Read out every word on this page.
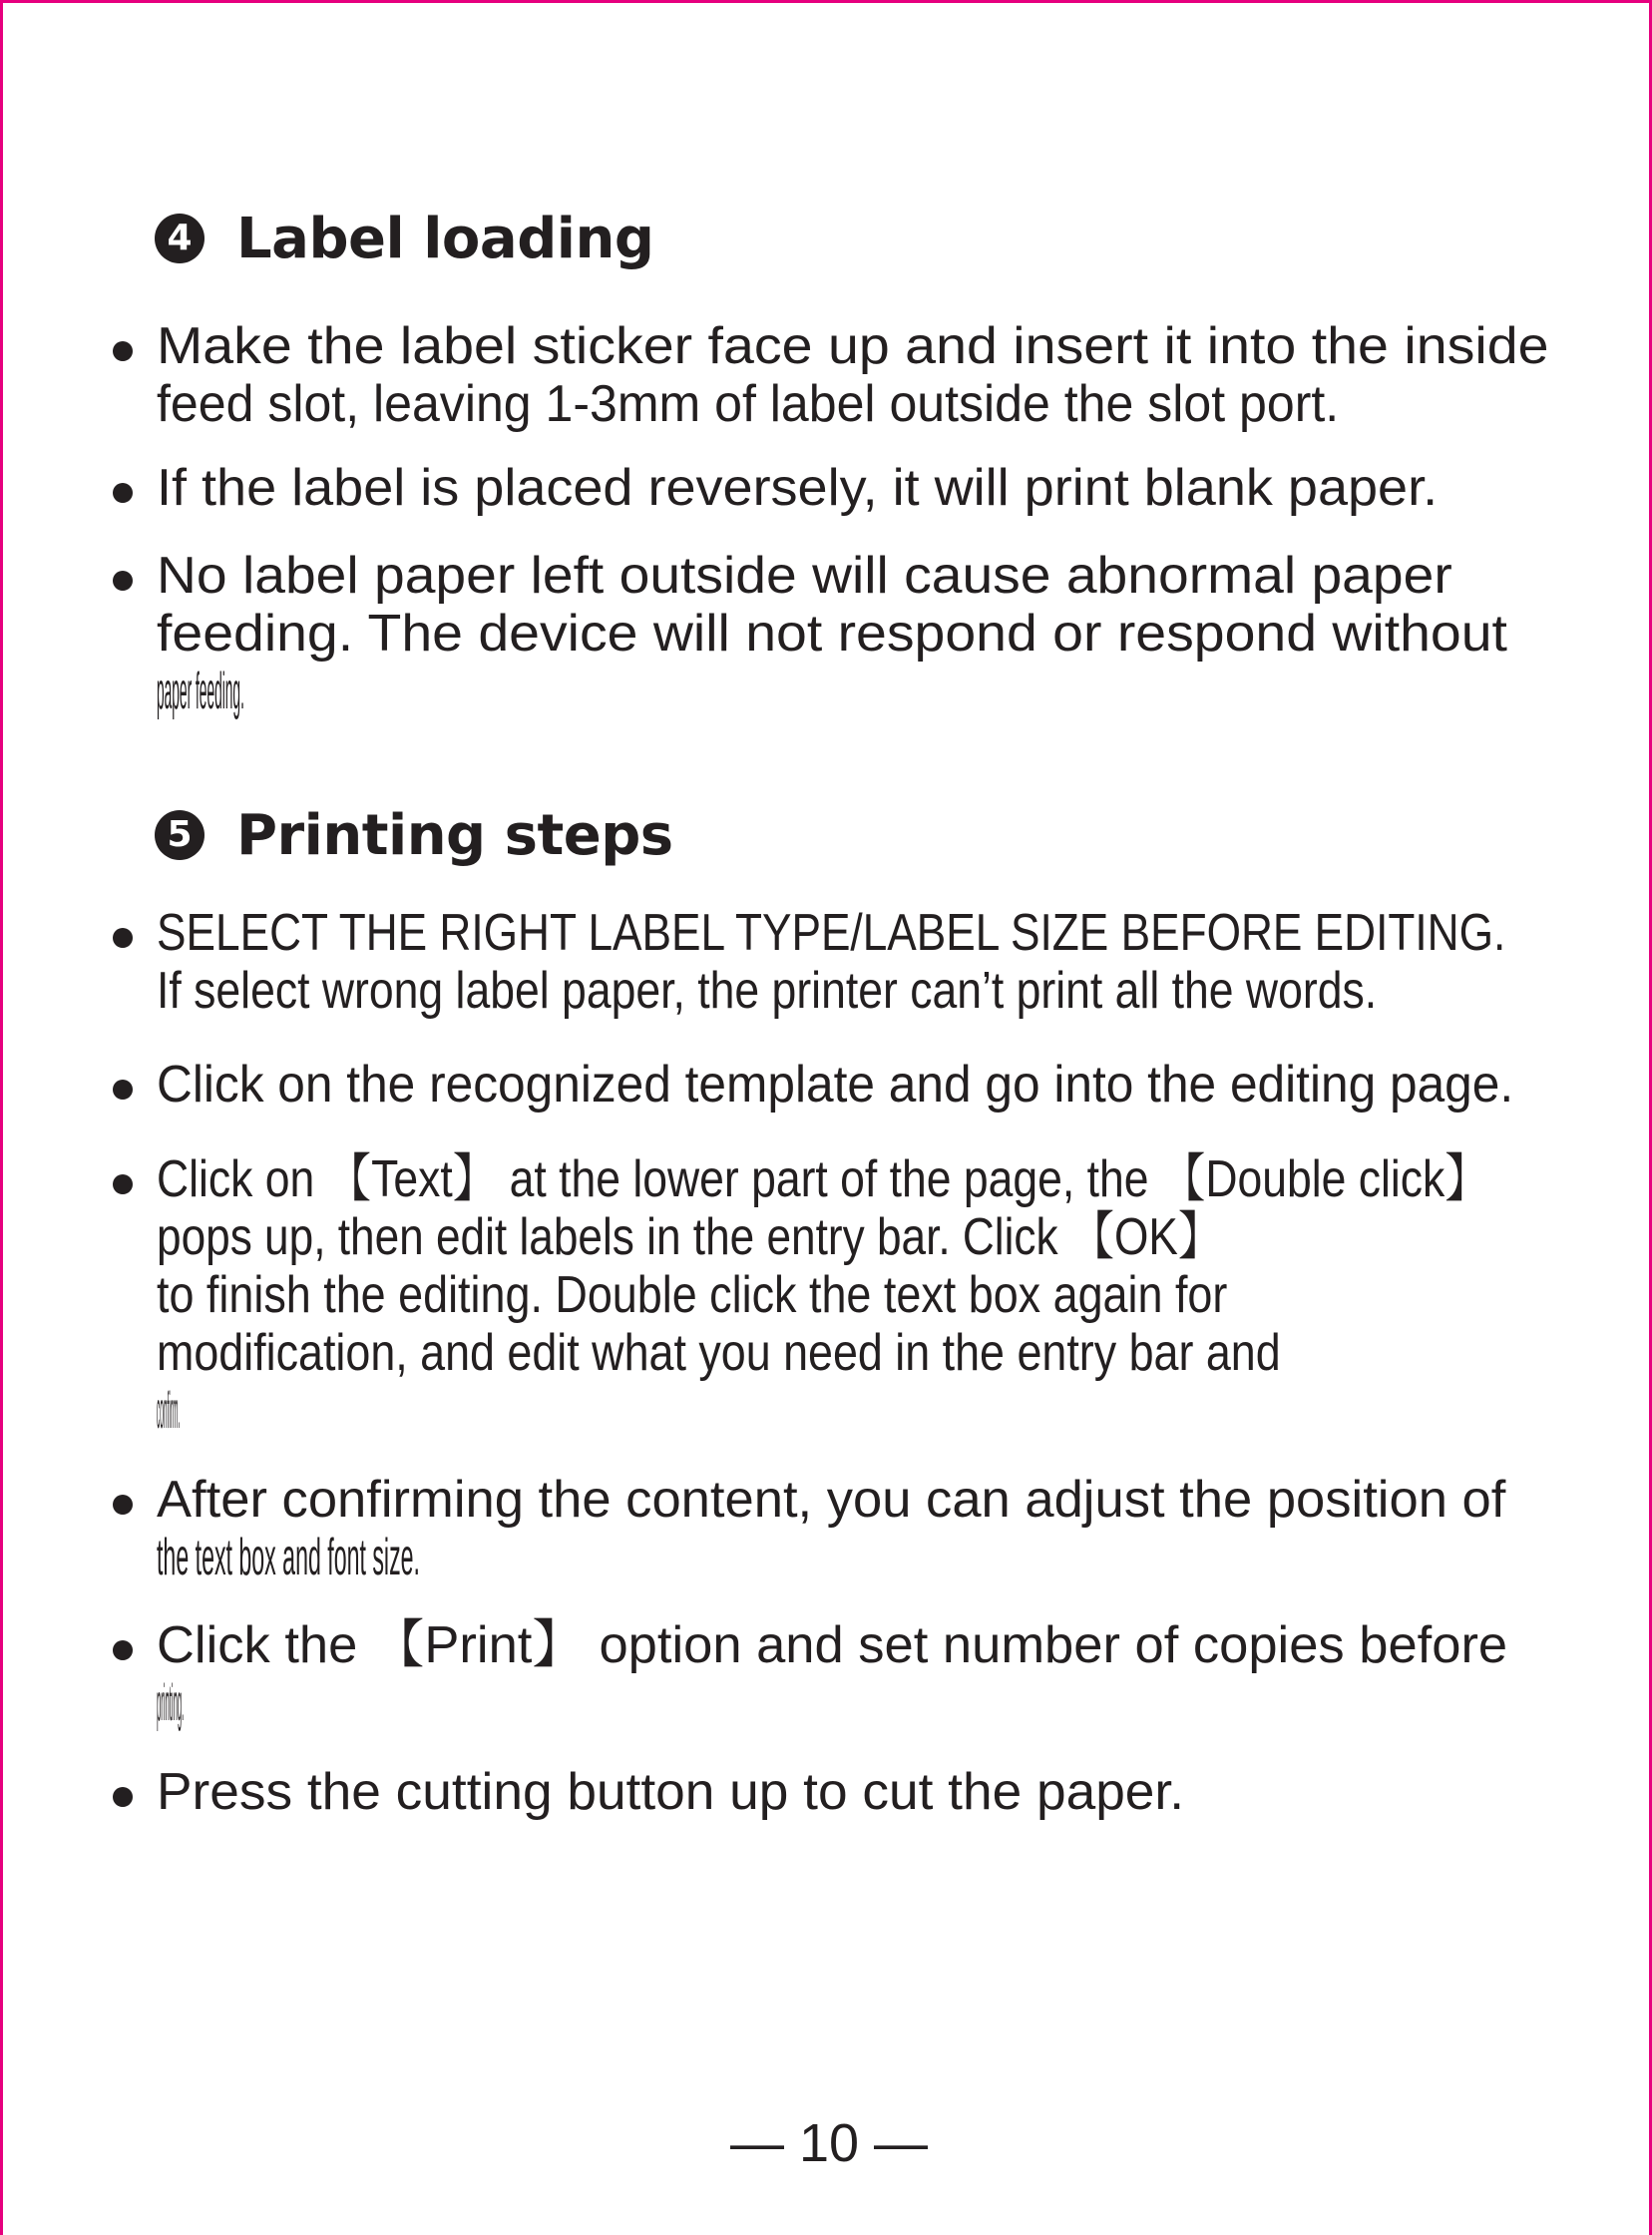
4 Label loading
Make the label sticker face up and insert it into the inside
feed slot, leaving 1-3mm of label outside the slot port.
If the label is placed reversely, it will print blank paper.
No label paper left outside will cause abnormal paper
feeding. The device will not respond or respond without
paper feeding.
5 Printing steps
SELECT THE RIGHT LABEL TYPE/LABEL SIZE BEFORE EDITING.
If select wrong label paper, the printer can’t print all the words.
Click on the recognized template and go into the editing page.
Click on 【Text】 at the lower part of the page, the 【Double click】
pops up, then edit labels in the entry bar. Click 【OK】
to finish the editing. Double click the text box again for
modification, and edit what you need in the entry bar and
confirm.
After confirming the content, you can adjust the position of
the text box and font size.
Click the 【Print】 option and set number of copies before
printing.
Press the cutting button up to cut the paper.
— 10 —
